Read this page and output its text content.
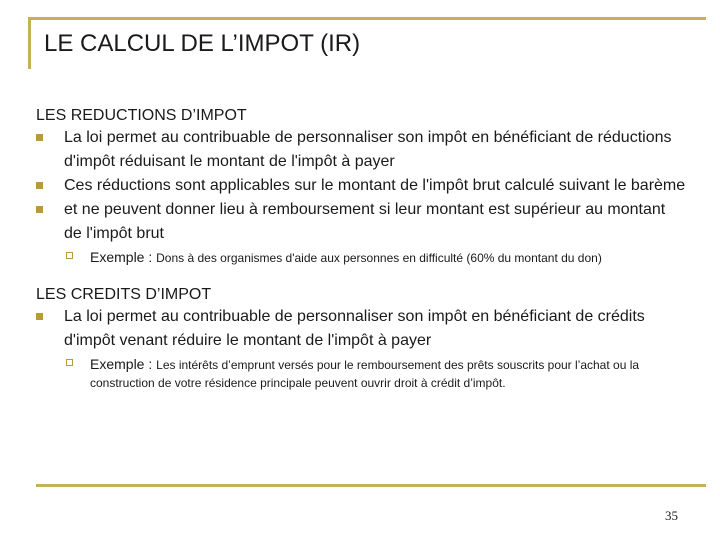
LE CALCUL DE L’IMPOT (IR)

LES REDUCTIONS D’IMPOT

La loi permet au contribuable de personnaliser son impôt en bénéficiant de réductions d'impôt réduisant le montant de l'impôt à payer
Ces réductions sont applicables sur le montant de l'impôt brut calculé suivant le barème
et ne peuvent donner lieu à remboursement si leur montant est supérieur au montant de l'impôt brut
Exemple : Dons à des organismes d'aide aux personnes en difficulté (60% du montant du don)

LES CREDITS D’IMPOT

La loi permet au contribuable de personnaliser son impôt en bénéficiant de crédits d'impôt venant réduire le montant de l'impôt à payer
Exemple : Les intérêts d’emprunt versés pour le remboursement des prêts souscrits pour l’achat ou la construction de votre résidence principale peuvent ouvrir droit à crédit d’impôt.
35
